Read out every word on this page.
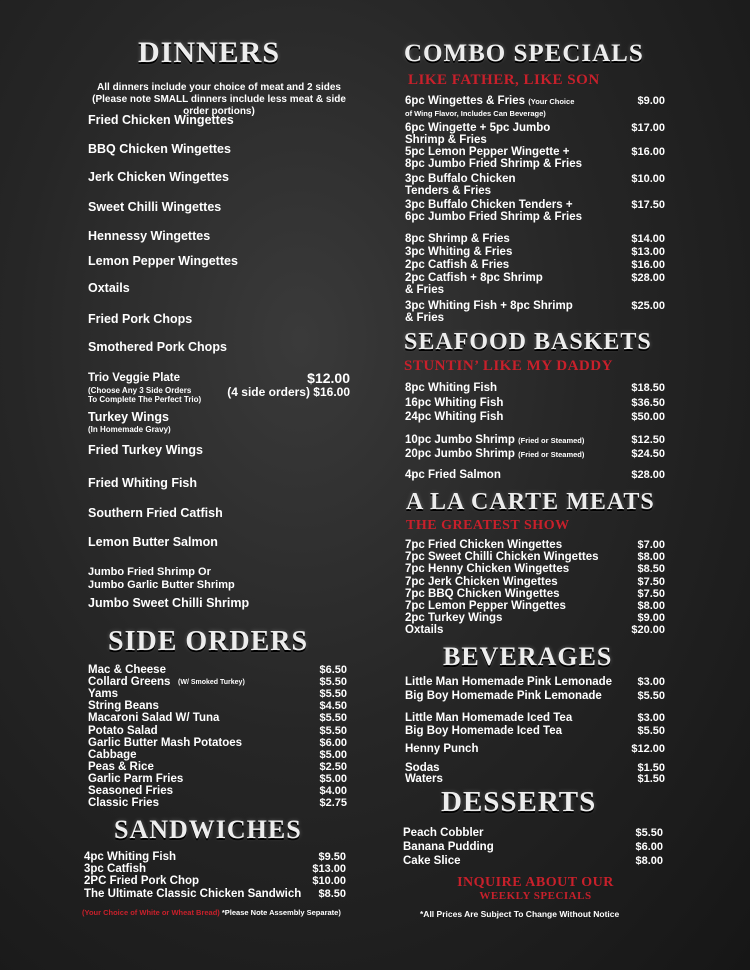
DINNERS
All dinners include your choice of meat and 2 sides (Please note SMALL dinners include less meat & side order portions)
Fried Chicken Wingettes
BBQ Chicken Wingettes
Jerk Chicken Wingettes
Sweet Chilli Wingettes
Hennessy Wingettes
Lemon Pepper Wingettes
Oxtails
Fried Pork Chops
Smothered Pork Chops
Turkey Wings
(In Homemade Gravy)
Fried Turkey Wings
Fried Whiting Fish
Southern Fried Catfish
Lemon Butter Salmon
Jumbo Fried Shrimp Or
Jumbo Garlic Butter Shrimp
Jumbo Sweet Chilli Shrimp
Trio Veggie Plate
(Choose Any 3 Side Orders
To Complete The Perfect Trio)
$12.00
(4 side orders) $16.00
SIDE ORDERS
Mac & Cheese	$6.50
Collard Greens (W/ Smoked Turkey)	$5.50
Yams	$5.50
String Beans	$4.50
Macaroni Salad W/ Tuna	$5.50
Potato Salad	$5.50
Garlic Butter Mash Potatoes	$6.00
Cabbage	$5.00
Peas & Rice	$2.50
Garlic Parm Fries	$5.00
Seasoned Fries	$4.00
Classic Fries	$2.75
SANDWICHES
4pc Whiting Fish	$9.50
3pc Catfish	$13.00
2PC Fried Pork Chop	$10.00
The Ultimate Classic Chicken Sandwich $8.50
(Your Choice of White or Wheat Bread) *Please Note Assembly Separate)
COMBO SPECIALS
LIKE FATHER, LIKE SON
6pc Wingettes & Fries (Your Choice
of Wing Flavor, Includes Can Beverage)
$9.00
6pc Wingette + 5pc Jumbo
Shrimp & Fries
$17.00
5pc Lemon Pepper Wingette +
8pc Jumbo Fried Shrimp & Fries
$16.00
3pc Buffalo Chicken
Tenders & Fries
$10.00
3pc Buffalo Chicken Tenders +
6pc Jumbo Fried Shrimp & Fries
$17.50
8pc Shrimp & Fries	$14.00
3pc Whiting & Fries	$13.00
2pc Catfish & Fries	$16.00
2pc Catfish + 8pc Shrimp
& Fries
$28.00
3pc Whiting Fish + 8pc Shrimp
& Fries
$25.00
SEAFOOD BASKETS
STUNTIN’ LIKE MY DADDY
8pc Whiting Fish	$18.50
16pc Whiting Fish	$36.50
24pc Whiting Fish	$50.00
10pc Jumbo Shrimp (Fried or Steamed)	$12.50
20pc Jumbo Shrimp (Fried or Steamed)	$24.50
4pc Fried Salmon	$28.00
A LA CARTE MEATS
THE GREATEST SHOW
7pc Fried Chicken Wingettes	$7.00
7pc Sweet Chilli Chicken Wingettes	$8.00
7pc Henny Chicken Wingettes	$8.50
7pc Jerk Chicken Wingettes	$7.50
7pc BBQ Chicken Wingettes	$7.50
7pc Lemon Pepper Wingettes	$8.00
2pc Turkey Wings	$9.00
Oxtails	$20.00
BEVERAGES
Little Man Homemade Pink Lemonade $3.00
Big Boy Homemade Pink Lemonade	$5.50
Little Man Homemade Iced Tea	$3.00
Big Boy Homemade Iced Tea	$5.50
Henny Punch	$12.00
Sodas	$1.50
Waters	$1.50
DESSERTS
Peach Cobbler	$5.50
Banana Pudding	$6.00
Cake Slice	$8.00
INQUIRE ABOUT OUR
WEEKLY SPECIALS
*All Prices Are Subject To Change Without Notice
